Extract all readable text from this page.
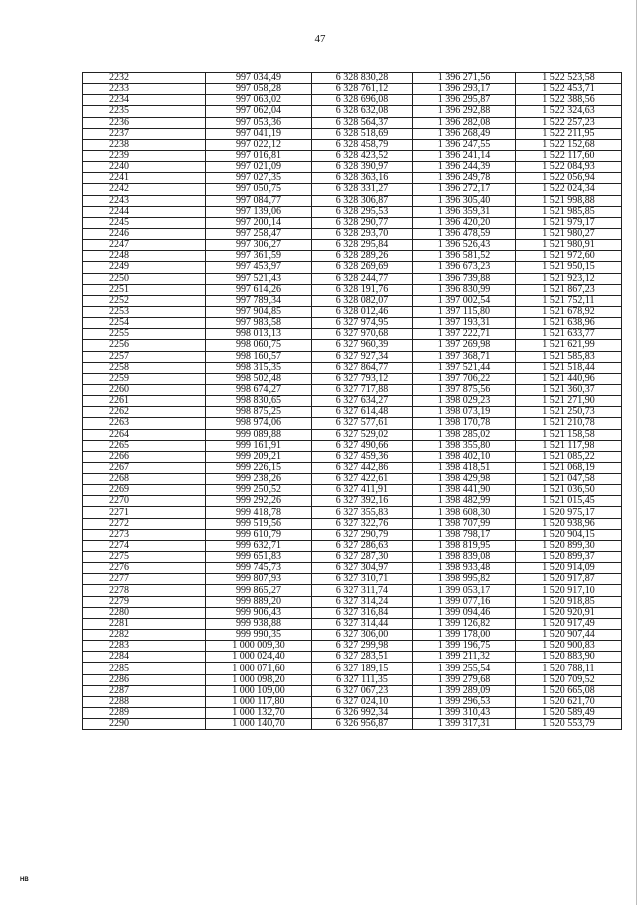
47
2232	997 034,49	6 328 830,28	1 396 271,56	1 522 523,58
2233	997 058,28	6 328 761,12	1 396 293,17	1 522 453,71
2234	997 063,02	6 328 696,08	1 396 295,87	1 522 388,56
2235	997 062,04	6 328 632,08	1 396 292,88	1 522 324,63
2236	997 053,36	6 328 564,37	1 396 282,08	1 522 257,23
2237	997 041,19	6 328 518,69	1 396 268,49	1 522 211,95
2238	997 022,12	6 328 458,79	1 396 247,55	1 522 152,68
2239	997 016,81	6 328 423,52	1 396 241,14	1 522 117,60
2240	997 021,09	6 328 390,97	1 396 244,39	1 522 084,93
2241	997 027,35	6 328 363,16	1 396 249,78	1 522 056,94
2242	997 050,75	6 328 331,27	1 396 272,17	1 522 024,34
2243	997 084,77	6 328 306,87	1 396 305,40	1 521 998,88
2244	997 139,06	6 328 295,53	1 396 359,31	1 521 985,85
2245	997 200,14	6 328 290,77	1 396 420,20	1 521 979,17
2246	997 258,47	6 328 293,70	1 396 478,59	1 521 980,27
2247	997 306,27	6 328 295,84	1 396 526,43	1 521 980,91
2248	997 361,59	6 328 289,26	1 396 581,52	1 521 972,60
2249	997 453,97	6 328 269,69	1 396 673,23	1 521 950,15
2250	997 521,43	6 328 244,77	1 396 739,88	1 521 923,12
2251	997 614,26	6 328 191,76	1 396 830,99	1 521 867,23
2252	997 789,34	6 328 082,07	1 397 002,54	1 521 752,11
2253	997 904,85	6 328 012,46	1 397 115,80	1 521 678,92
2254	997 983,58	6 327 974,95	1 397 193,31	1 521 638,96
2255	998 013,13	6 327 970,68	1 397 222,71	1 521 633,77
2256	998 060,75	6 327 960,39	1 397 269,98	1 521 621,99
2257	998 160,57	6 327 927,34	1 397 368,71	1 521 585,83
2258	998 315,35	6 327 864,77	1 397 521,44	1 521 518,44
2259	998 502,48	6 327 793,12	1 397 706,22	1 521 440,96
2260	998 674,27	6 327 717,88	1 397 875,56	1 521 360,37
2261	998 830,65	6 327 634,27	1 398 029,23	1 521 271,90
2262	998 875,25	6 327 614,48	1 398 073,19	1 521 250,73
2263	998 974,06	6 327 577,61	1 398 170,78	1 521 210,78
2264	999 089,88	6 327 529,02	1 398 285,02	1 521 158,58
2265	999 161,91	6 327 490,66	1 398 355,80	1 521 117,98
2266	999 209,21	6 327 459,36	1 398 402,10	1 521 085,22
2267	999 226,15	6 327 442,86	1 398 418,51	1 521 068,19
2268	999 238,26	6 327 422,61	1 398 429,98	1 521 047,58
2269	999 250,52	6 327 411,91	1 398 441,90	1 521 036,50
2270	999 292,26	6 327 392,16	1 398 482,99	1 521 015,45
2271	999 418,78	6 327 355,83	1 398 608,30	1 520 975,17
2272	999 519,56	6 327 322,76	1 398 707,99	1 520 938,96
2273	999 610,79	6 327 290,79	1 398 798,17	1 520 904,15
2274	999 632,71	6 327 286,63	1 398 819,95	1 520 899,30
2275	999 651,83	6 327 287,30	1 398 839,08	1 520 899,37
2276	999 745,73	6 327 304,97	1 398 933,48	1 520 914,09
2277	999 807,93	6 327 310,71	1 398 995,82	1 520 917,87
2278	999 865,27	6 327 311,74	1 399 053,17	1 520 917,10
2279	999 889,20	6 327 314,24	1 399 077,16	1 520 918,85
2280	999 906,43	6 327 316,84	1 399 094,46	1 520 920,91
2281	999 938,88	6 327 314,44	1 399 126,82	1 520 917,49
2282	999 990,35	6 327 306,00	1 399 178,00	1 520 907,44
2283	1 000 009,30	6 327 299,98	1 399 196,75	1 520 900,83
2284	1 000 024,40	6 327 283,51	1 399 211,32	1 520 883,90
2285	1 000 071,60	6 327 189,15	1 399 255,54	1 520 788,11
2286	1 000 098,20	6 327 111,35	1 399 279,68	1 520 709,52
2287	1 000 109,00	6 327 067,23	1 399 289,09	1 520 665,08
2288	1 000 117,80	6 327 024,10	1 399 296,53	1 520 621,70
2289	1 000 132,70	6 326 992,34	1 399 310,43	1 520 589,49
2290	1 000 140,70	6 326 956,87	1 399 317,31	1 520 553,79
HB
